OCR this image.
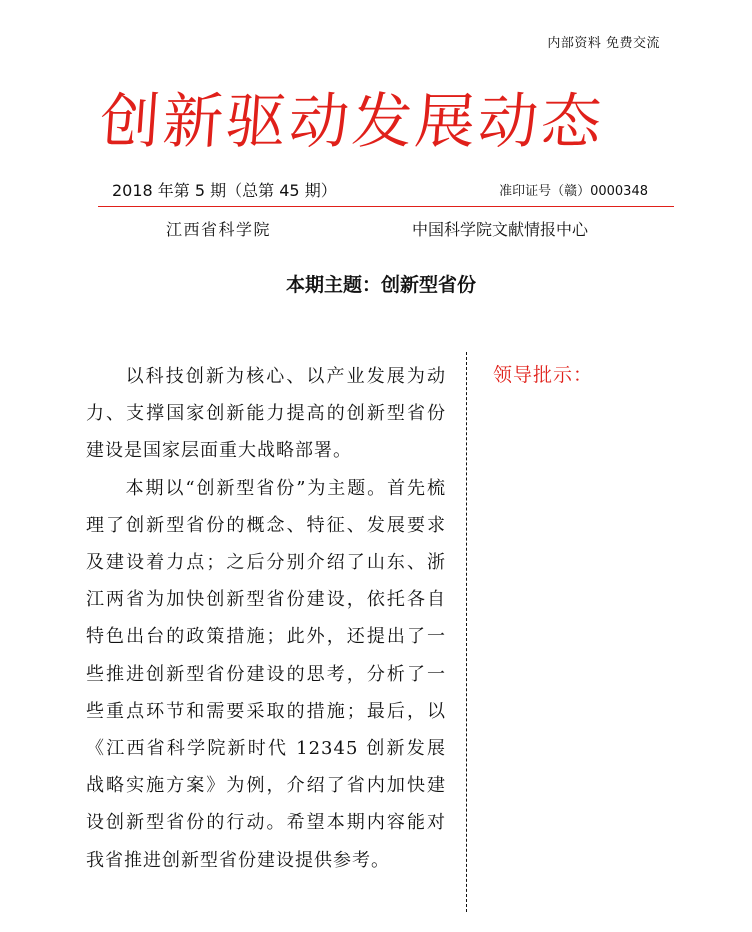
内部资料 免费交流
创新驱动发展动态
2018 年第 5 期（总第 45 期）	准印证号（赣）0000348
江西省科学院	中国科学院文献情报中心
本期主题：创新型省份

以科技创新为核心、以产业发展为动力、支撑国家创新能力提高的创新型省份建设是国家层面重大战略部署。

本期以“创新型省份”为主题。首先梳理了创新型省份的概念、特征、发展要求及建设着力点；之后分别介绍了山东、浙江两省为加快创新型省份建设，依托各自特色出台的政策措施；此外，还提出了一些推进创新型省份建设的思考，分析了一些重点环节和需要采取的措施；最后，以《江西省科学院新时代 12345 创新发展战略实施方案》为例，介绍了省内加快建设创新型省份的行动。希望本期内容能对我省推进创新型省份建设提供参考。

领导批示：
